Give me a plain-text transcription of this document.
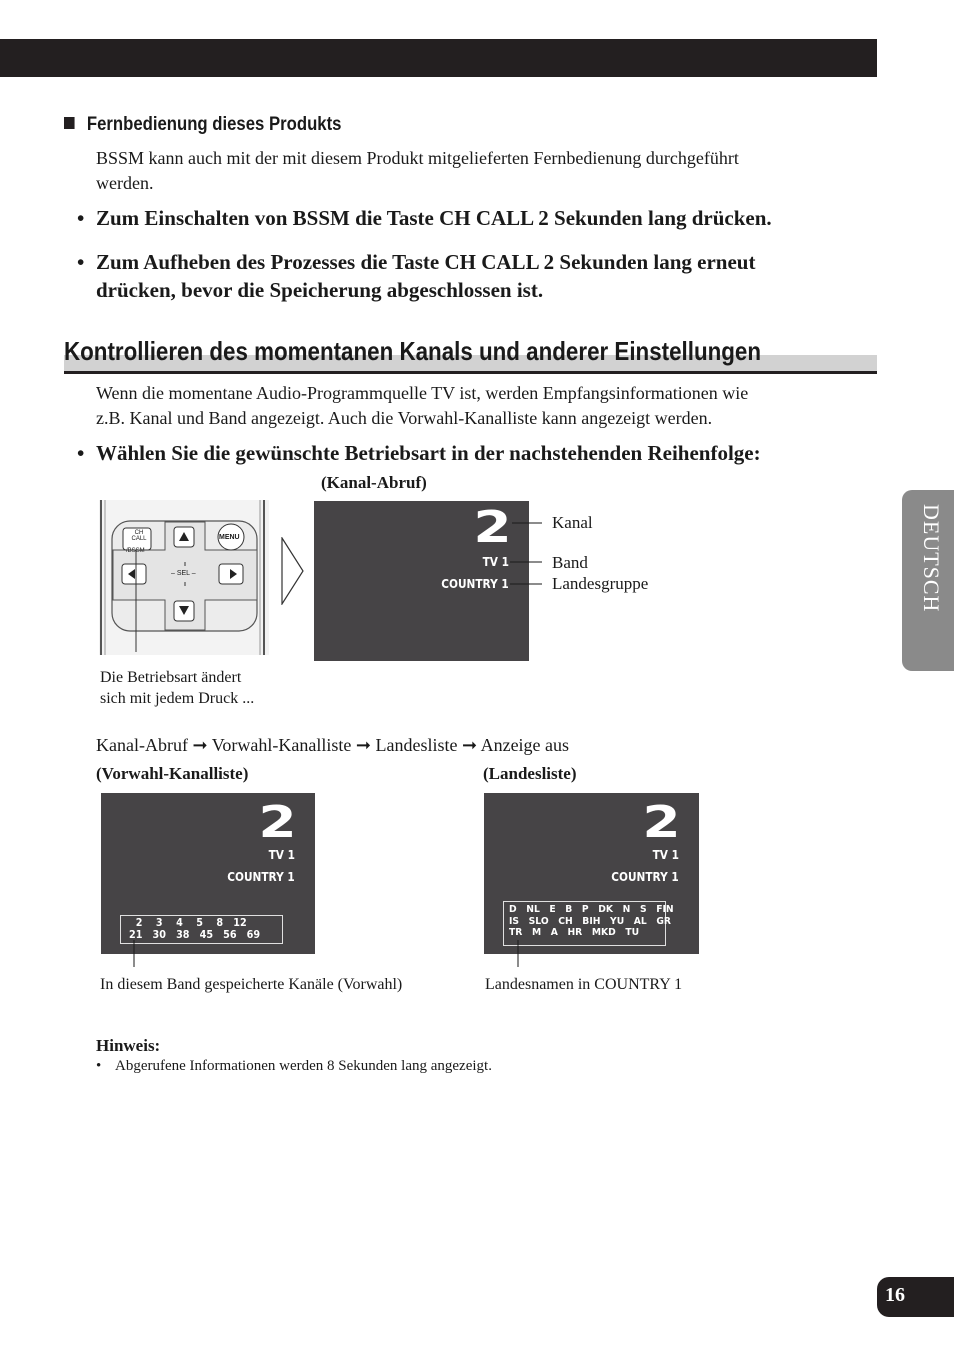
Fernbedienung dieses Produkts
BSSM kann auch mit der mit diesem Produkt mitgelieferten Fernbedienung durchgeführt
werden.
• Zum Einschalten von BSSM die Taste CH CALL 2 Sekunden lang drücken.
• Zum Aufheben des Prozesses die Taste CH CALL 2 Sekunden lang erneut
drücken, bevor die Speicherung abgeschlossen ist.
Kontrollieren des momentanen Kanals und anderer Einstellungen
Wenn die momentane Audio-Programmquelle TV ist, werden Empfangsinformationen wie
z.B. Kanal und Band angezeigt. Auch die Vorwahl-Kanalliste kann angezeigt werden.
• Wählen Sie die gewünschte Betriebsart in der nachstehenden Reihenfolge:
(Kanal-Abruf)
CH
CALL
/BSSM
MENU
– SEL –
2
TV 1
COUNTRY 1
Kanal
Band
Landesgruppe
Die Betriebsart ändert
sich mit jedem Druck ...
Kanal-Abruf ➞ Vorwahl-Kanalliste ➞ Landesliste ➞ Anzeige aus
(Vorwahl-Kanalliste)
2
TV 1
COUNTRY 1
2    3    4    5    8   12
21   30   38   45   56   69
In diesem Band gespeicherte Kanäle (Vorwahl)
(Landesliste)
2
TV 1
COUNTRY 1
D   NL   E   B   P   DK   N   S   FIN
IS   SLO   CH   BIH   YU   AL   GR
TR   M   A   HR   MKD   TU
Landesnamen in COUNTRY 1
Hinweis:
• Abgerufene Informationen werden 8 Sekunden lang angezeigt.
DEUTSCH
16
